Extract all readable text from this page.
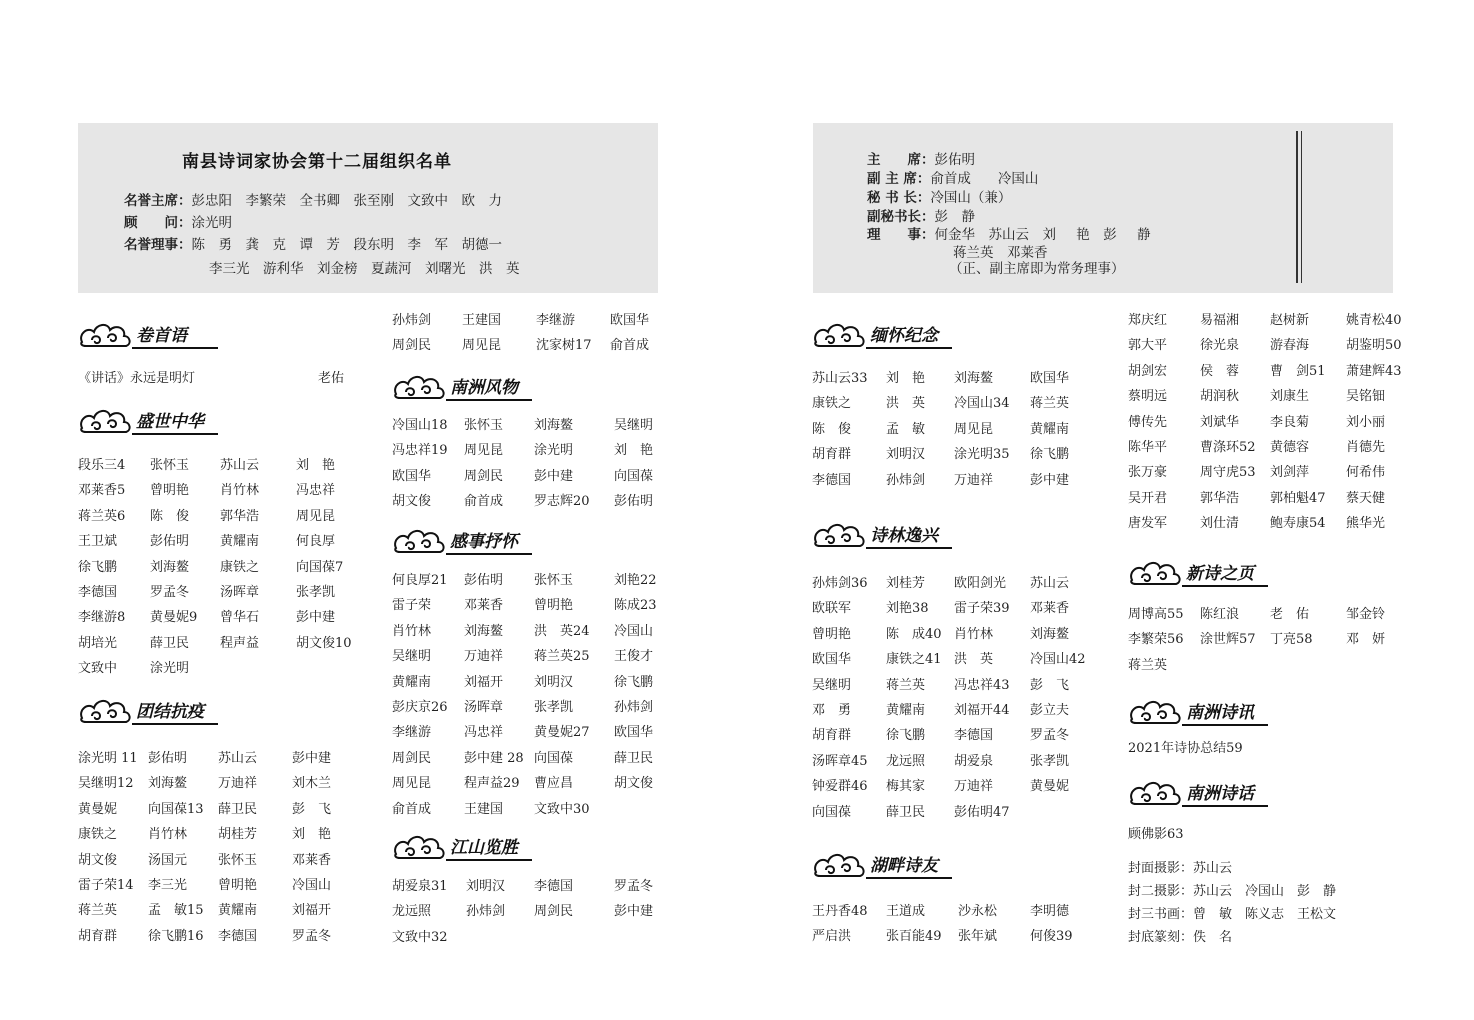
南县诗词家协会第十二届组织名单
名誉主席：彭忠阳　李繁荣　全书卿　张至刚　文致中　欧　力
顾　　问：涂光明
名誉理事：陈　勇　龚　克　谭　芳　段东明　李　军　胡德一
李三光　游利华　刘金榜　夏蔬河　刘曙光　洪　英
主　　席：彭佑明
副 主 席：俞首成　　冷国山
秘 书 长：冷国山（兼）
副秘书长：彭　静
理　　事：何金华　苏山云　刘 艳　彭 静
蒋兰英　邓莱香
（正、副主席即为常务理事）
卷首语
盛世中华
团结抗疫
南洲风物
感事抒怀
江山览胜
缅怀纪念
诗林逸兴
湖畔诗友
新诗之页
南洲诗讯
南洲诗话
《讲话》永远是明灯	老佑
2021年诗协总结59
顾佛影63
段乐三4 张怀玉 苏山云	刘　艳
邓莱香5 曾明艳 肖竹林	冯忠祥
蒋兰英6 陈　俊 郭华浩	周见昆
王卫斌	彭佑明 黄耀南	何良厚
徐飞鹏	刘海鳌 康铁之	向国葆7
李德国	罗孟冬 汤晖章	张孝凯
李继游8 黄曼妮9 曾华石	彭中建
胡培光	薛卫民 程声益	胡文俊10
文致中	涂光明
涂光明 11 彭佑明 苏山云	彭中建
吴继明12 刘海鳌 万迪祥	刘木兰
黄曼妮 向国葆13 薛卫民	彭　飞
康铁之 肖竹林 胡桂芳	刘　艳
胡文俊 汤国元 张怀玉	邓莱香
雷子荣14 李三光 曾明艳	冷国山
蒋兰英 孟　敏15 黄耀南	刘福开
胡育群 徐飞鹏16 李德国	罗孟冬
孙炜剑 王建国	李继游	欧国华
周剑民 周见昆	沈家树17 俞首成
冷国山18 张怀玉 刘海鳌	吴继明
冯忠祥19 周见昆 涂光明	刘　艳
欧国华	周剑民 彭中建	向国葆
胡文俊	俞首成 罗志辉20 彭佑明
何良厚21 彭佑明 张怀玉	刘艳22
雷子荣	邓莱香 曾明艳	陈成23
肖竹林	刘海鳌 洪　英24 冷国山
吴继明	万迪祥 蒋兰英25 王俊才
黄耀南	刘福开 刘明汉	徐飞鹏
彭庆京26 汤晖章 张孝凯	孙炜剑
李继游	冯忠祥 黄曼妮27 欧国华
周剑民	彭中建 28 向国葆	薛卫民
周见昆	程声益29 曹应昌	胡文俊
俞首成	王建国 文致中30
胡爱泉31 刘明汉 李德国	罗孟冬
龙远照	孙炜剑 周剑民	彭中建
文致中32
苏山云33 刘　艳 刘海鳌	欧国华
康铁之	洪　英 冷国山34 蒋兰英
陈　俊	孟　敏 周见昆	黄耀南
胡育群	刘明汉 涂光明35 徐飞鹏
李德国	孙炜剑 万迪祥	彭中建
孙炜剑36 刘桂芳 欧阳剑光 苏山云
欧联军	刘艳38 雷子荣39 邓莱香
曾明艳	陈　成40 肖竹林	刘海鳌
欧国华	康铁之41 洪　英	冷国山42
吴继明	蒋兰英 冯忠祥43 彭　飞
邓　勇	黄耀南 刘福开44 彭立夫
胡育群	徐飞鹏 李德国	罗孟冬
汤晖章45 龙远照 胡爱泉	张孝凯
钟爱群46 梅其家 万迪祥	黄曼妮
向国葆	薛卫民 彭佑明47
王丹香48 王道成	沙永松	李明德
严启洪	张百能49 张年斌	何俊39
郑庆红	易福湘 赵树新	姚青松40
郭大平	徐光泉 游春海	胡鉴明50
胡剑宏	侯　蓉 曹　剑51 萧建辉43
蔡明远	胡润秋 刘康生	吴铭钿
傅传先	刘斌华 李良菊	刘小丽
陈华平	曹涤环52 黄德容	肖德先
张万豪	周守虎53 刘剑萍	何希伟
吴开君	郭华浩 郭柏魁47 蔡天健
唐发军	刘仕清 鲍寿康54 熊华光
周博高55 陈红浪 老　佑	邹金铃
李繁荣56 涂世辉57 丁亮58	邓　妍
蒋兰英
封面摄影：苏山云
封二摄影：苏山云　冷国山　彭　静
封三书画：曾　敏　陈义志　王松文
封底篆刻：佚　名
